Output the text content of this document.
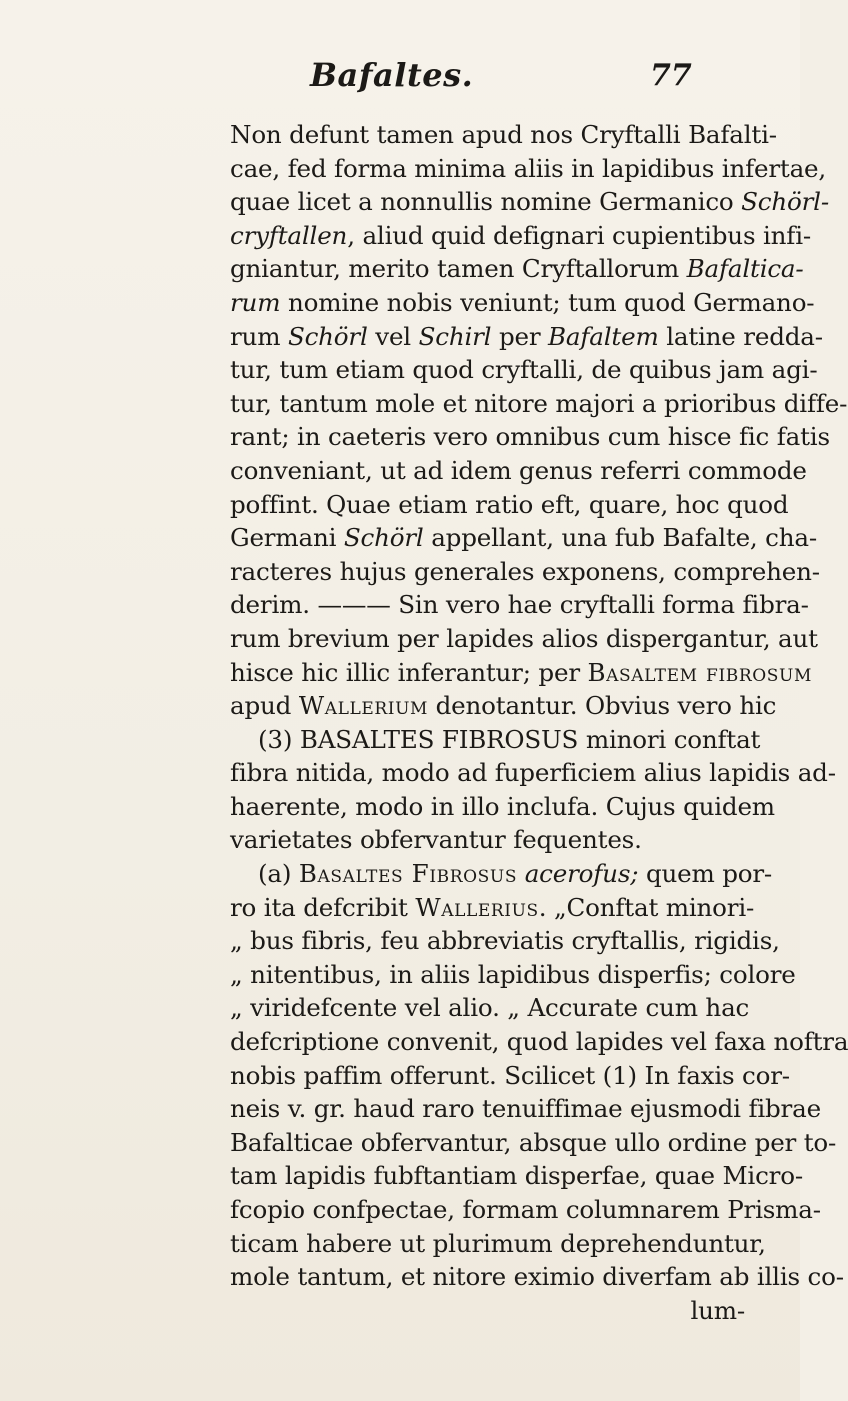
Bafaltes.	77
Non defunt tamen apud nos Cryftalli Bafalti-
cae, fed forma minima aliis in lapidibus infertae,
quae licet a nonnullis nomine Germanico Schörl-
cryftallen, aliud quid defignari cupientibus infi-
gniantur, merito tamen Cryftallorum Bafaltica-
rum nomine nobis veniunt; tum quod Germano-
rum Schörl vel Schirl per Bafaltem latine redda-
tur, tum etiam quod cryftalli, de quibus jam agi-
tur, tantum mole et nitore majori a prioribus diffe-
rant; in caeteris vero omnibus cum hisce fic fatis
conveniant, ut ad idem genus referri commode
poffint. Quae etiam ratio eft, quare, hoc quod
Germani Schörl appellant, una fub Bafalte, cha-
racteres hujus generales exponens, comprehen-
derim. ——— Sin vero hae cryftalli forma fibra-
rum brevium per lapides alios dispergantur, aut
hisce hic illic inferantur; per Basaltem fibrosum
apud Wallerium denotantur. Obvius vero hic
(3) BASALTES FIBROSUS minori conftat
fibra nitida, modo ad fuperficiem alius lapidis ad-
haerente, modo in illo inclufa. Cujus quidem
varietates obfervantur fequentes.
(a) Basaltes Fibrosus acerofus; quem por-
ro ita defcribit Wallerius. „Conftat minori-
„ bus fibris, feu abbreviatis cryftallis, rigidis,
„ nitentibus, in aliis lapidibus disperfis; colore
„ viridefcente vel alio. „ Accurate cum hac
defcriptione convenit, quod lapides vel faxa noftra
nobis paffim offerunt. Scilicet (1) In faxis cor-
neis v. gr. haud raro tenuiffimae ejusmodi fibrae
Bafalticae obfervantur, absque ullo ordine per to-
tam lapidis fubftantiam disperfae, quae Micro-
fcopio confpectae, formam columnarem Prisma-
ticam habere ut plurimum deprehenduntur,
mole tantum, et nitore eximio diverfam ab illis co-
lum-
